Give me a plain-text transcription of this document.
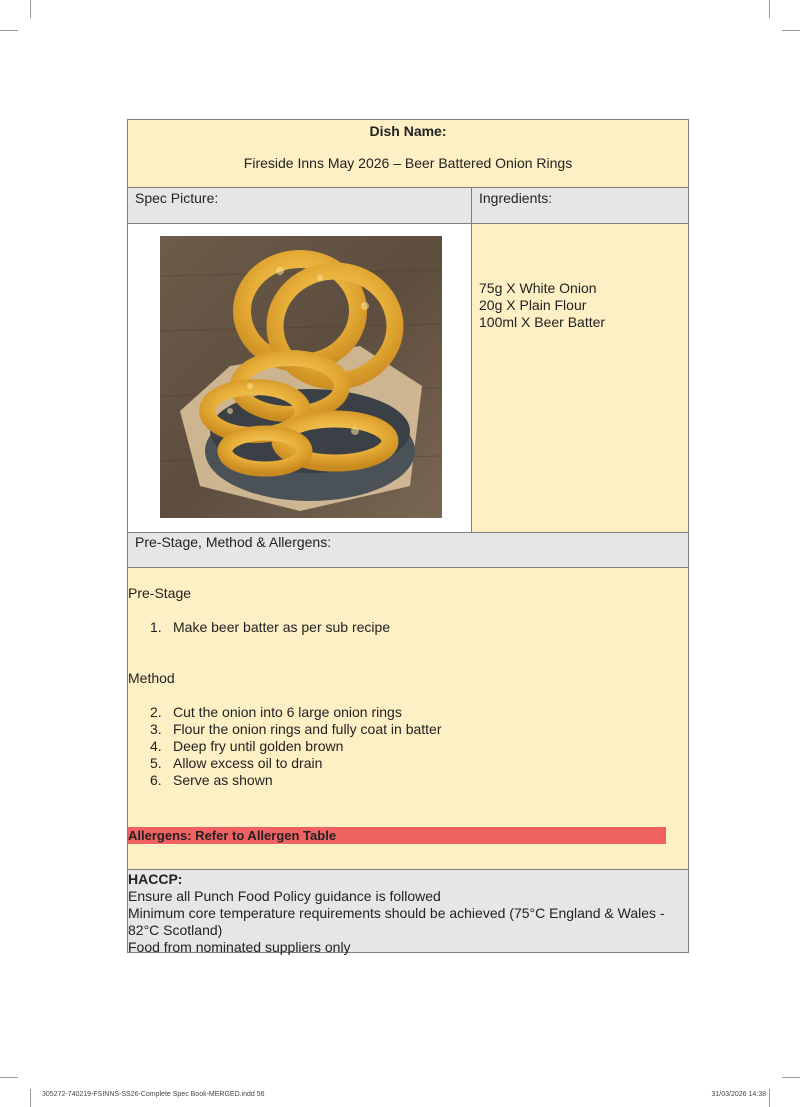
Dish Name:
Fireside Inns May 2026 – Beer Battered Onion Rings
Spec Picture:	Ingredients:
75g X White Onion
20g X Plain Flour
100ml X Beer Batter
Pre-Stage, Method & Allergens:
Pre-Stage
1. Make beer batter as per sub recipe
Method
2. Cut the onion into 6 large onion rings
3. Flour the onion rings and fully coat in batter
4. Deep fry until golden brown
5. Allow excess oil to drain
6. Serve as shown
Allergens: Refer to Allergen Table
HACCP:
Ensure all Punch Food Policy guidance is followed
Minimum core temperature requirements should be achieved (75°C England & Wales - 82°C Scotland)
Food from nominated suppliers only
305272-740219-FSINNS-SS26-Complete Spec Book-MERGED.indd 56	31/03/2026 14:38
